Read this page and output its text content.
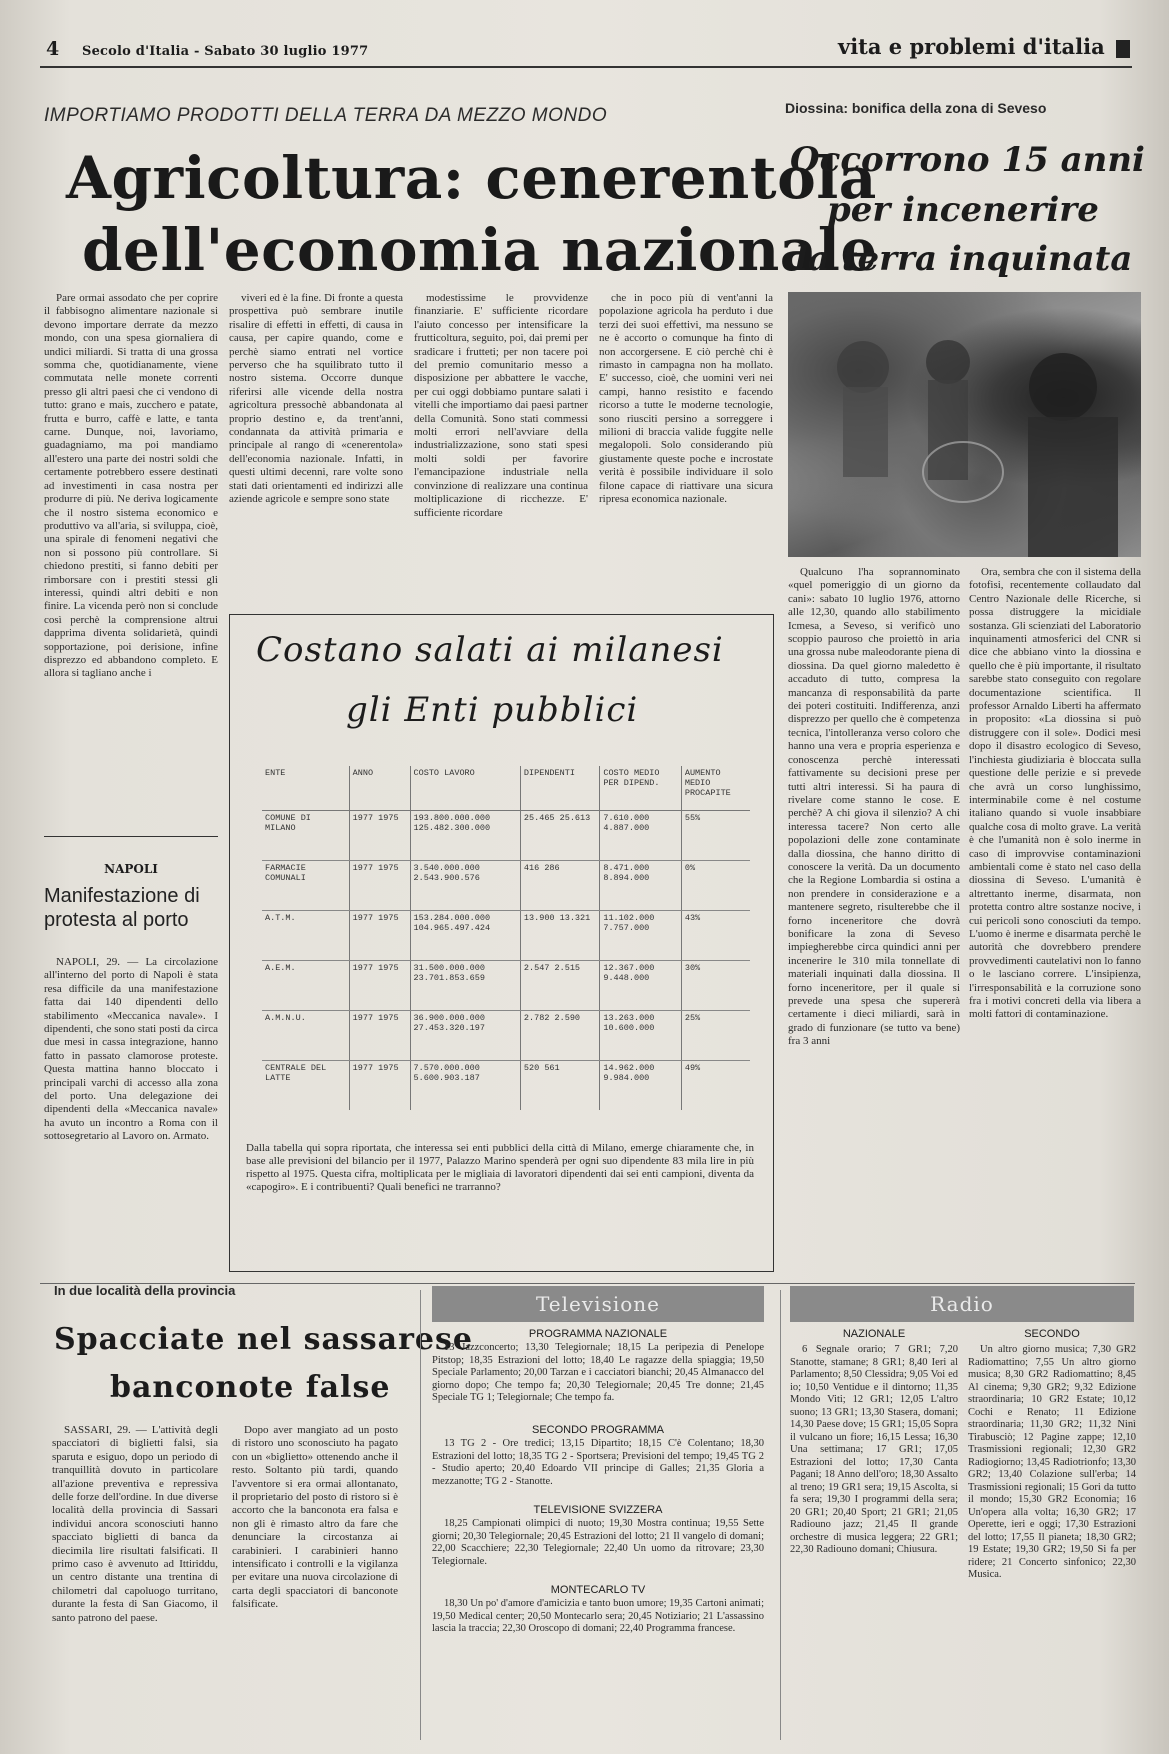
4 Secolo d'Italia - Sabato 30 luglio 1977	vita e problemi d'italia
IMPORTIAMO PRODOTTI DELLA TERRA DA MEZZO MONDO
Agricoltura: cenerentola
dell'economia nazionale

Pare ormai assodato che per coprire il fabbisogno alimentare nazionale si devono importare derrate da mezzo mondo, con una spesa giornaliera di undici miliardi. Si tratta di una grossa somma che, quotidianamente, viene commutata nelle monete correnti presso gli altri paesi che ci vendono di tutto: grano e mais, zucchero e patate, frutta e burro, caffè e latte, e tanta carne. Dunque, noi, lavoriamo, guadagniamo, ma poi mandiamo all'estero una parte dei nostri soldi che certamente potrebbero essere destinati ad investimenti in casa nostra per produrre di più. Ne deriva logicamente che il nostro sistema economico e produttivo va all'aria, si sviluppa, cioè, una spirale di fenomeni negativi che non si possono più controllare. Si chiedono prestiti, si fanno debiti per rimborsare con i prestiti stessi gli interessi, quindi altri debiti e non finire. La vicenda però non si conclude così perchè la comprensione altrui dapprima diventa solidarietà, quindi sopportazione, poi derisione, infine disprezzo ed abbandono completo. E allora si tagliano anche i

viveri ed è la fine. Di fronte a questa prospettiva può sembrare inutile risalire di effetti in effetti, di causa in causa, per capire quando, come e perchè siamo entrati nel vortice perverso che ha squilibrato tutto il nostro sistema. Occorre dunque riferirsi alle vicende della nostra agricoltura pressochè abbandonata al proprio destino e, da trent'anni, condannata da attività primaria e principale al rango di «cenerentola» dell'economia nazionale. Infatti, in questi ultimi decenni, rare volte sono stati dati orientamenti ed indirizzi alle aziende agricole e sempre sono state

modestissime le provvidenze finanziarie. E' sufficiente ricordare l'aiuto concesso per intensificare la frutticoltura, seguito, poi, dai premi per sradicare i frutteti; per non tacere poi del premio comunitario messo a disposizione per abbattere le vacche, per cui oggi dobbiamo puntare salati i vitelli che importiamo dai paesi partner della Comunità. Sono stati commessi molti errori nell'avviare della industrializzazione, sono stati spesi molti soldi per favorire l'emancipazione industriale nella convinzione di realizzare una continua moltiplicazione di ricchezze. E' sufficiente ricordare

che in poco più di vent'anni la popolazione agricola ha perduto i due terzi dei suoi effettivi, ma nessuno se ne è accorto o comunque ha finto di non accorgersene. E ciò perchè chi è rimasto in campagna non ha mollato. E' successo, cioè, che uomini veri nei campi, hanno resistito e facendo ricorso a tutte le moderne tecnologie, sono riusciti persino a sorreggere i milioni di braccia valide fuggite nelle megalopoli. Solo considerando più giustamente queste poche e incrostate verità è possibile individuare il solo filone capace di riattivare una sicura ripresa economica nazionale.

Diossina: bonifica della zona di Seveso
Occorrono 15 anni
per incenerire
la terra inquinata

Qualcuno l'ha soprannominato «quel pomeriggio di un giorno da cani»: sabato 10 luglio 1976, attorno alle 12,30, quando allo stabilimento Icmesa, a Seveso, si verificò uno scoppio pauroso che proiettò in aria una grossa nube maleodorante piena di diossina. Da quel giorno maledetto è accaduto di tutto, compresa la mancanza di responsabilità da parte dei poteri costituiti. Indifferenza, anzi disprezzo per quello che è competenza tecnica, l'intolleranza verso coloro che hanno una vera e propria esperienza e conoscenza perchè interessati fattivamente su decisioni prese per tutti altri interessi. Si ha paura di rivelare come stanno le cose. E perchè? A chi giova il silenzio? A chi interessa tacere? Non certo alle popolazioni delle zone contaminate dalla diossina, che hanno diritto di conoscere la verità. Da un documento che la Regione Lombardia si ostina a non prendere in considerazione e a mantenere segreto, risulterebbe che il forno inceneritore che dovrà bonificare la zona di Seveso impiegherebbe circa quindici anni per incenerire le 310 mila tonnellate di materiali inquinati dalla diossina. Il forno inceneritore, per il quale si prevede una spesa che supererà certamente i dieci miliardi, sarà in grado di funzionare (se tutto va bene) fra 3 anni

Ora, sembra che con il sistema della fotofisi, recentemente collaudato dal Centro Nazionale delle Ricerche, si possa distruggere la micidiale sostanza. Gli scienziati del Laboratorio inquinamenti atmosferici del CNR si dice che abbiano vinto la diossina e quello che è più importante, il risultato sarebbe stato conseguito con regolare documentazione scientifica. Il professor Arnaldo Liberti ha affermato in proposito: «La diossina si può distruggere con il sole». Dodici mesi dopo il disastro ecologico di Seveso, l'inchiesta giudiziaria è bloccata sulla questione delle perizie e si prevede che avrà un corso lunghissimo, interminabile come è nel costume italiano quando si vuole insabbiare qualche cosa di molto grave. La verità è che l'umanità non è solo inerme in caso di improvvise contaminazioni ambientali come è stato nel caso della diossina di Seveso. L'umanità è altrettanto inerme, disarmata, non protetta contro altre sostanze nocive, i cui pericoli sono conosciuti da tempo. L'uomo è inerme e disarmata perchè le autorità che dovrebbero prendere provvedimenti cautelativi non lo fanno o le lasciano correre. L'insipienza, l'irresponsabilità e la corruzione sono fra i motivi concreti della via libera a molti fattori di contaminazione.

Costano salati ai milanesi
gli Enti pubblici
ENTE	ANNO	COSTO LAVORO	DIPENDENTI	COSTO MEDIO PER DIPEND.	AUMENTO MEDIO PROCAPITE
COMUNE DI MILANO	1977 1975	193.800.000.000 125.482.300.000	25.465 25.613	7.610.000 4.887.000	55%
FARMACIE COMUNALI	1977 1975	3.540.000.000 2.543.900.576	416 286	8.471.000 8.894.000	0%
A.T.M.	1977 1975	153.284.000.000 104.965.497.424	13.900 13.321	11.102.000 7.757.000	43%
A.E.M.	1977 1975	31.500.000.000 23.701.853.659	2.547 2.515	12.367.000 9.448.000	30%
A.M.N.U.	1977 1975	36.900.000.000 27.453.320.197	2.782 2.590	13.263.000 10.600.000	25%
CENTRALE DEL LATTE	1977 1975	7.570.000.000 5.600.903.187	520 561	14.962.000 9.984.000	49%

Dalla tabella qui sopra riportata, che interessa sei enti pubblici della città di Milano, emerge chiaramente che, in base alle previsioni del bilancio per il 1977, Palazzo Marino spenderà per ogni suo dipendente 83 mila lire in più rispetto al 1975. Questa cifra, moltiplicata per le migliaia di lavoratori dipendenti dai sei enti campioni, diventa da «capogiro». E i contribuenti? Quali benefici ne trarranno?

NAPOLI
Manifestazione di protesta al porto

NAPOLI, 29. — La circolazione all'interno del porto di Napoli è stata resa difficile da una manifestazione fatta dai 140 dipendenti dello stabilimento «Meccanica navale». I dipendenti, che sono stati posti da circa due mesi in cassa integrazione, hanno fatto in passato clamorose proteste. Questa mattina hanno bloccato i principali varchi di accesso alla zona del porto. Una delegazione dei dipendenti della «Meccanica navale» ha avuto un incontro a Roma con il sottosegretario al Lavoro on. Armato.

In due località della provincia
Spacciate nel sassarese
banconote false

SASSARI, 29. — L'attività degli spacciatori di biglietti falsi, sia sparuta e esiguo, dopo un periodo di tranquillità dovuto in particolare all'azione preventiva e repressiva delle forze dell'ordine. In due diverse località della provincia di Sassari individui ancora sconosciuti hanno spacciato biglietti di banca da diecimila lire risultati falsificati. Il primo caso è avvenuto ad Ittiriddu, un centro distante una trentina di chilometri dal capoluogo turritano, durante la festa di San Giacomo, il santo patrono del paese.

Dopo aver mangiato ad un posto di ristoro uno sconosciuto ha pagato con un «biglietto» ottenendo anche il resto. Soltanto più tardi, quando l'avventore si era ormai allontanato, il proprietario del posto di ristoro si è accorto che la banconota era falsa e non gli è rimasto altro da fare che denunciare la circostanza ai carabinieri. I carabinieri hanno intensificato i controlli e la vigilanza per evitare una nuova circolazione di carta degli spacciatori di banconote falsificate.

Televisione
PROGRAMMA NAZIONALE

13 Jazzconcerto; 13,30 Telegiornale; 18,15 La peripezia di Penelope Pitstop; 18,35 Estrazioni del lotto; 18,40 Le ragazze della spiaggia; 19,50 Speciale Parlamento; 20,00 Tarzan e i cacciatori bianchi; 20,45 Almanacco del giorno dopo; Che tempo fa; 20,30 Telegiornale; 20,45 Tre donne; 21,45 Speciale TG 1; Telegiornale; Che tempo fa.

SECONDO PROGRAMMA

13 TG 2 - Ore tredici; 13,15 Dipartito; 18,15 C'è Colentano; 18,30 Estrazioni del lotto; 18,35 TG 2 - Sportsera; Previsioni del tempo; 19,45 TG 2 - Studio aperto; 20,40 Edoardo VII principe di Galles; 21,35 Gloria a mezzanotte; TG 2 - Stanotte.

TELEVISIONE SVIZZERA

18,25 Campionati olimpici di nuoto; 19,30 Mostra continua; 19,55 Sette giorni; 20,30 Telegiornale; 20,45 Estrazioni del lotto; 21 Il vangelo di domani; 22,00 Scacchiere; 22,30 Telegiornale; 22,40 Un uomo da ritrovare; 23,30 Telegiornale.

MONTECARLO TV

18,30 Un po' d'amore d'amicizia e tanto buon umore; 19,35 Cartoni animati; 19,50 Medical center; 20,50 Montecarlo sera; 20,45 Notiziario; 21 L'assassino lascia la traccia; 22,30 Oroscopo di domani; 22,40 Programma francese.

Radio
NAZIONALE

6 Segnale orario; 7 GR1; 7,20 Stanotte, stamane; 8 GR1; 8,40 Ieri al Parlamento; 8,50 Clessidra; 9,05 Voi ed io; 10,50 Ventidue e il dintorno; 11,35 Mondo Viti; 12 GR1; 12,05 L'altro suono; 13 GR1; 13,30 Stasera, domani; 14,30 Paese dove; 15 GR1; 15,05 Sopra il vulcano un fiore; 16,15 Lessa; 16,30 Una settimana; 17 GR1; 17,05 Estrazioni del lotto; 17,30 Canta Pagani; 18 Anno dell'oro; 18,30 Assalto al treno; 19 GR1 sera; 19,15 Ascolta, si fa sera; 19,30 I programmi della sera; 20 GR1; 20,40 Sport; 21 GR1; 21,05 Radiouno jazz; 21,45 Il grande orchestre di musica leggera; 22 GR1; 22,30 Radiouno domani; Chiusura.

SECONDO

Un altro giorno musica; 7,30 GR2 Radiomattino; 7,55 Un altro giorno musica; 8,30 GR2 Radiomattino; 8,45 Al cinema; 9,30 GR2; 9,32 Edizione straordinaria; 10 GR2 Estate; 10,12 Cochi e Renato; 11 Edizione straordinaria; 11,30 GR2; 11,32 Ninì Tirabusciò; 12 Pagine zappe; 12,10 Trasmissioni regionali; 12,30 GR2 Radiogiorno; 13,45 Radiotrionfo; 13,30 GR2; 13,40 Colazione sull'erba; 14 Trasmissioni regionali; 15 Gori da tutto il mondo; 15,30 GR2 Economia; 16 Un'opera alla volta; 16,30 GR2; 17 Operette, ieri e oggi; 17,30 Estrazioni del lotto; 17,55 Il pianeta; 18,30 GR2; 19 Estate; 19,30 GR2; 19,50 Si fa per ridere; 21 Concerto sinfonico; 22,30 Musica.
